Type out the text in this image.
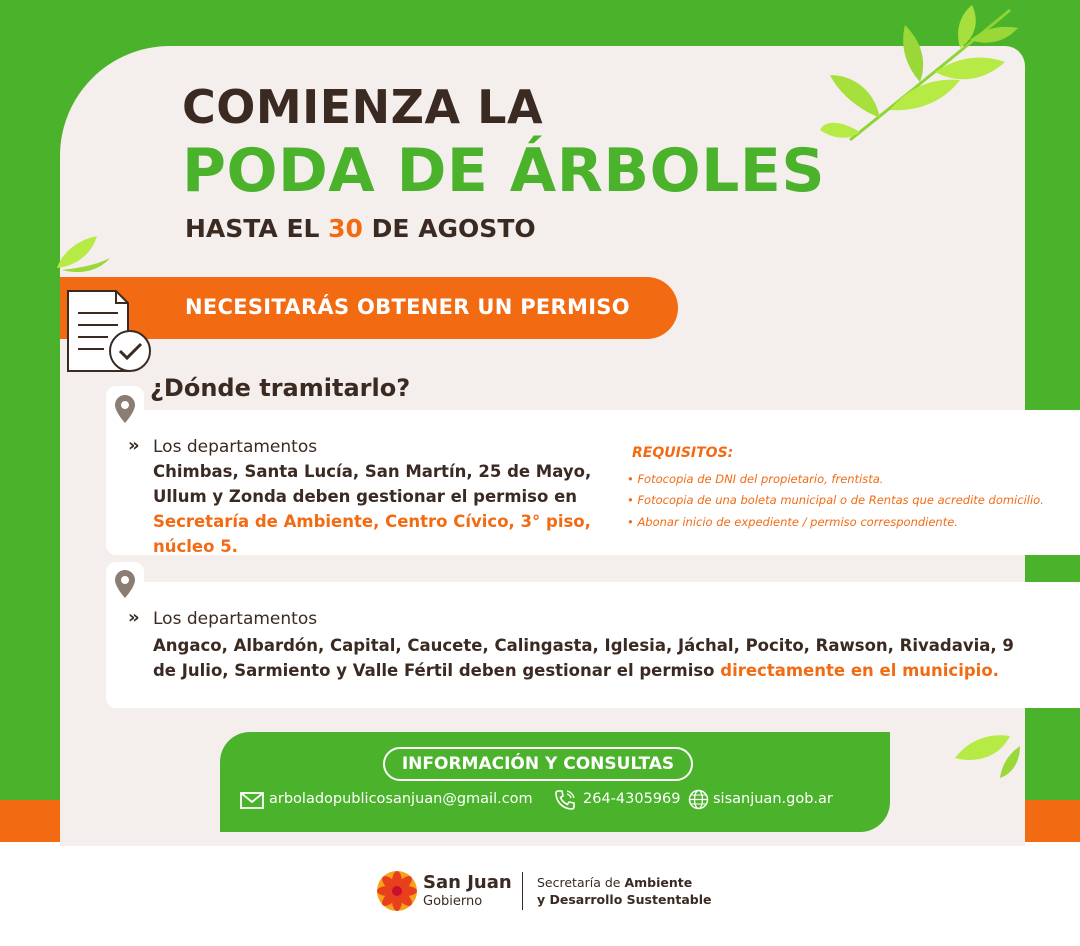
COMIENZA LA
PODA DE ÁRBOLES
HASTA EL 30 DE AGOSTO
NECESITARÁS OBTENER UN PERMISO
¿Dónde tramitarlo?
» Los departamentos
Chimbas, Santa Lucía, San Martín, 25 de Mayo, Ullum y Zonda deben gestionar el permiso en Secretaría de Ambiente, Centro Cívico, 3° piso, núcleo 5.
REQUISITOS:
• Fotocopia de DNI del propietario, frentista.
• Fotocopia de una boleta municipal o de Rentas que acredite domicilio.
• Abonar inicio de expediente / permiso correspondiente.
» Los departamentos
Angaco, Albardón, Capital, Caucete, Calingasta, Iglesia, Jáchal, Pocito, Rawson, Rivadavia, 9 de Julio, Sarmiento y Valle Fértil deben gestionar el permiso directamente en el municipio.
INFORMACIÓN Y CONSULTAS
arboladopublicosanjuan@gmail.com	264-4305969 sisanjuan.gob.ar
San Juan
Gobierno
Secretaría de Ambiente
y Desarrollo Sustentable
